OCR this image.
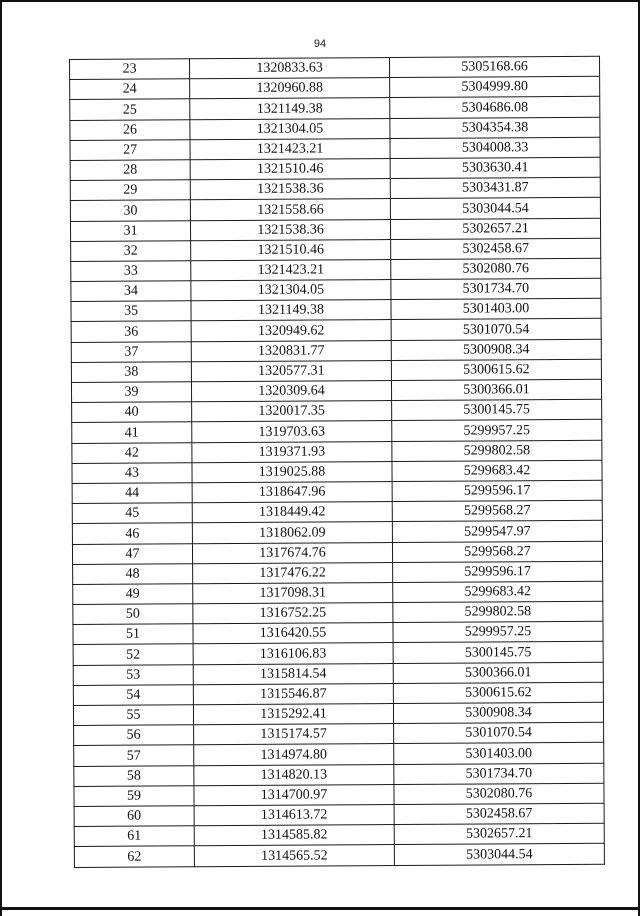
94
23	1320833.63	5305168.66
24	1320960.88	5304999.80
25	1321149.38	5304686.08
26	1321304.05	5304354.38
27	1321423.21	5304008.33
28	1321510.46	5303630.41
29	1321538.36	5303431.87
30	1321558.66	5303044.54
31	1321538.36	5302657.21
32	1321510.46	5302458.67
33	1321423.21	5302080.76
34	1321304.05	5301734.70
35	1321149.38	5301403.00
36	1320949.62	5301070.54
37	1320831.77	5300908.34
38	1320577.31	5300615.62
39	1320309.64	5300366.01
40	1320017.35	5300145.75
41	1319703.63	5299957.25
42	1319371.93	5299802.58
43	1319025.88	5299683.42
44	1318647.96	5299596.17
45	1318449.42	5299568.27
46	1318062.09	5299547.97
47	1317674.76	5299568.27
48	1317476.22	5299596.17
49	1317098.31	5299683.42
50	1316752.25	5299802.58
51	1316420.55	5299957.25
52	1316106.83	5300145.75
53	1315814.54	5300366.01
54	1315546.87	5300615.62
55	1315292.41	5300908.34
56	1315174.57	5301070.54
57	1314974.80	5301403.00
58	1314820.13	5301734.70
59	1314700.97	5302080.76
60	1314613.72	5302458.67
61	1314585.82	5302657.21
62	1314565.52	5303044.54
